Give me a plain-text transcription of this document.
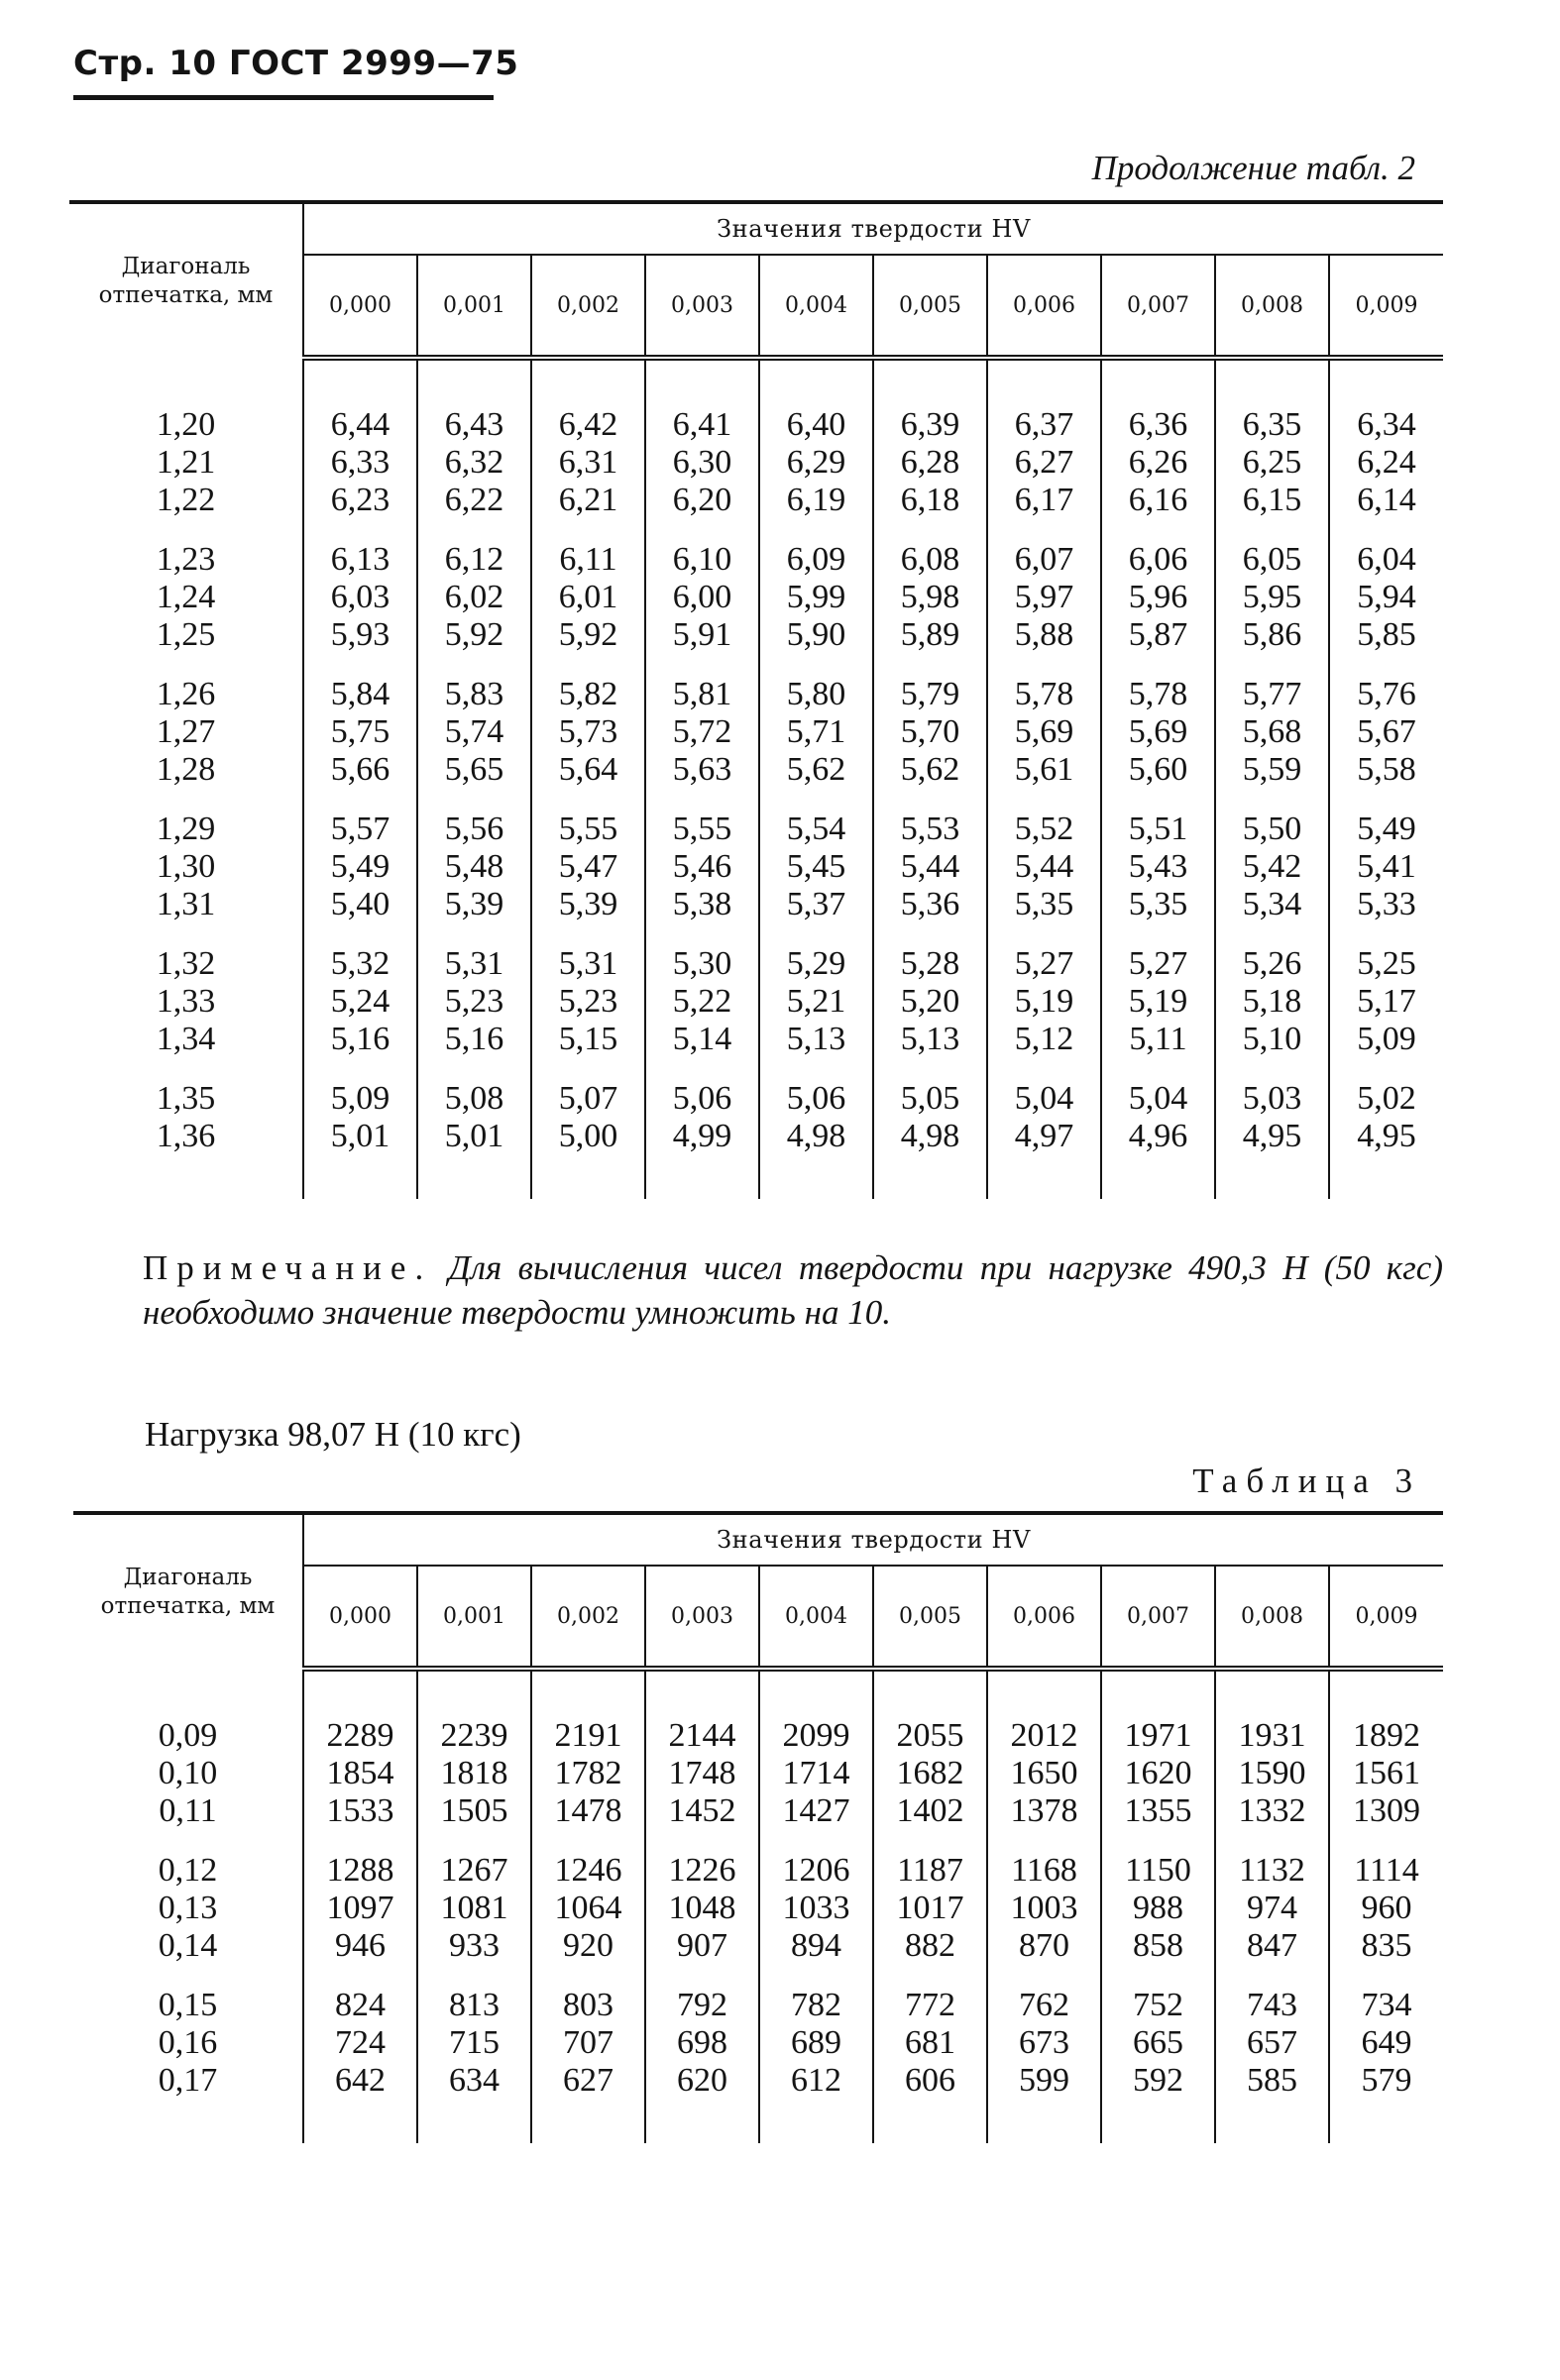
Стр. 10 ГОСТ 2999—75
Продолжение табл. 2
Диагональ
отпечатка, мм	Значения твердости HV									
	0,000	0,001	0,002	0,003	0,004	0,005	0,006	0,007	0,008	0,009

1,20	6,44	6,43	6,42	6,41	6,40	6,39	6,37	6,36	6,35	6,34
1,21	6,33	6,32	6,31	6,30	6,29	6,28	6,27	6,26	6,25	6,24
1,22	6,23	6,22	6,21	6,20	6,19	6,18	6,17	6,16	6,15	6,14

1,23	6,13	6,12	6,11	6,10	6,09	6,08	6,07	6,06	6,05	6,04
1,24	6,03	6,02	6,01	6,00	5,99	5,98	5,97	5,96	5,95	5,94
1,25	5,93	5,92	5,92	5,91	5,90	5,89	5,88	5,87	5,86	5,85

1,26	5,84	5,83	5,82	5,81	5,80	5,79	5,78	5,78	5,77	5,76
1,27	5,75	5,74	5,73	5,72	5,71	5,70	5,69	5,69	5,68	5,67
1,28	5,66	5,65	5,64	5,63	5,62	5,62	5,61	5,60	5,59	5,58

1,29	5,57	5,56	5,55	5,55	5,54	5,53	5,52	5,51	5,50	5,49
1,30	5,49	5,48	5,47	5,46	5,45	5,44	5,44	5,43	5,42	5,41
1,31	5,40	5,39	5,39	5,38	5,37	5,36	5,35	5,35	5,34	5,33

1,32	5,32	5,31	5,31	5,30	5,29	5,28	5,27	5,27	5,26	5,25
1,33	5,24	5,23	5,23	5,22	5,21	5,20	5,19	5,19	5,18	5,17
1,34	5,16	5,16	5,15	5,14	5,13	5,13	5,12	5,11	5,10	5,09

1,35	5,09	5,08	5,07	5,06	5,06	5,05	5,04	5,04	5,03	5,02
1,36	5,01	5,01	5,00	4,99	4,98	4,98	4,97	4,96	4,95	4,95

Примечание. Для вычисления чисел твердости при нагрузке 490,3 Н (50 кгс) необходимо значение твердости умножить на 10.
Нагрузка 98,07 Н (10 кгс)
Таблица 3
Диагональ
отпечатка, мм	Значения твердости HV									
	0,000	0,001	0,002	0,003	0,004	0,005	0,006	0,007	0,008	0,009

0,09	2289	2239	2191	2144	2099	2055	2012	1971	1931	1892
0,10	1854	1818	1782	1748	1714	1682	1650	1620	1590	1561
0,11	1533	1505	1478	1452	1427	1402	1378	1355	1332	1309

0,12	1288	1267	1246	1226	1206	1187	1168	1150	1132	1114
0,13	1097	1081	1064	1048	1033	1017	1003	988	974	960
0,14	946	933	920	907	894	882	870	858	847	835

0,15	824	813	803	792	782	772	762	752	743	734
0,16	724	715	707	698	689	681	673	665	657	649
0,17	642	634	627	620	612	606	599	592	585	579
